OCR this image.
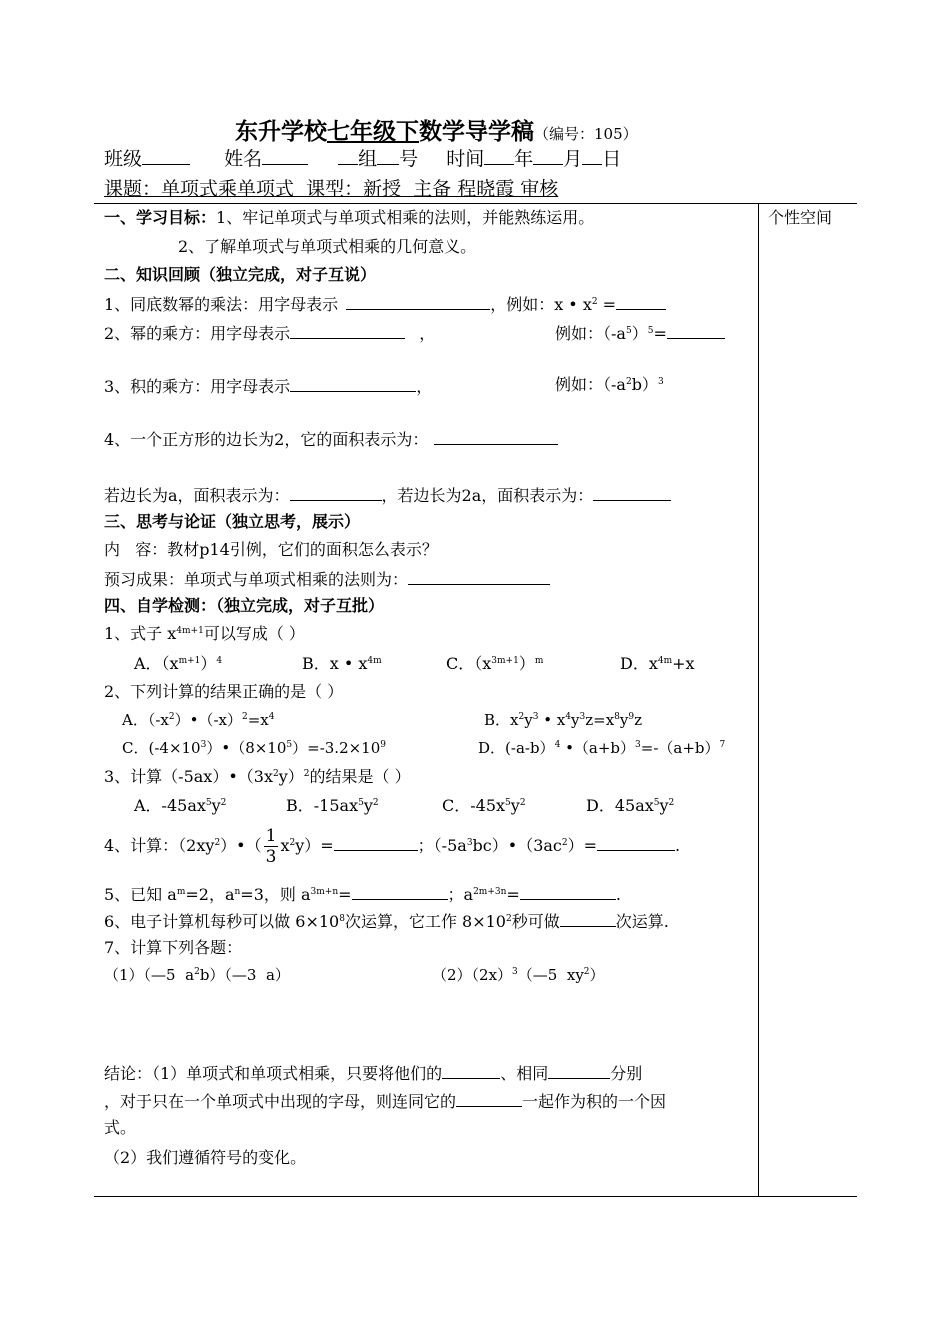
东升学校七年级下数学导学稿（编号：105）
班级	姓名	组 号 时间 年 月 日
课题：单项式乘单项式  课型：新授  主备 程晓霞 审核
个性空间
一、学习目标：1、牢记单项式与单项式相乘的法则，并能熟练运用。
2、了解单项式与单项式相乘的几何意义。
二、知识回顾（独立完成，对子互说）
1、同底数幂的乘法：用字母表示	，例如：x • $x^2$ =
2、幂的乘方：用字母表示	，	例如：$(-a^5)^5=$
3、积的乘方：用字母表示	，	例如：$(-a^2b)^3$
4、一个正方形的边长为2，它的面积表示为：
若边长为a，面积表示为：	，若边长为2a，面积表示为：
三、思考与论证（独立思考，展示）
内   容：教材p14引例，它们的面积怎么表示？
预习成果：单项式与单项式相乘的法则为：
四、自学检测：（独立完成，对子互批）
1、式子 $x^{4m+1}$可以写成（ ）
A．$(x^{m+1})^4$	B．x • $x^{4m}$	C．$(x^{3m+1})^m$	D．$x^{4m}+x$
2、下列计算的结果正确的是（ ）
A．$(-x^2)•(-x)^2=x^4$	B．$x^2y^3$ • $x^4y^3z=x^8y^9z$
C．$(-4\times 10^3)•(8\times 10^5)=-3.2\times 10^9$	D．(-a-b）$^4$ $•(a+b)^3=-(a+b)^7$
3、计算$(-5ax)•(3x^2y)^2$的结果是（ ）
A．$-45ax^5y^2$	B．$-15ax^5y^2$	C．$-45x^5y^2$	D．$45ax^5y^2$
4、计算：$(2xy^2)•( \frac{1}{3} x^2y)=$	；$(-5a^3bc)•(3ac^2)=$	.
5、已知 $a^m=2$，$a^n=3$，则 $a^{3m+n}=$	；$a^{2m+3n}=$	.
6、电子计算机每秒可以做 $6\times 10^8$次运算，它工作 $8\times 10^2$秒可做	次运算.
7、计算下列各题：
（1）（—5  $a^2b)(—3$  a）	$(2)(2x)^3(—5$  $xy^2$）
结论：（1）单项式和单项式相乘，只要将他们的	、相同	分别
，对于只在一个单项式中出现的字母，则连同它的	一起作为积的一个因
式。
（2）我们遵循符号的变化。
